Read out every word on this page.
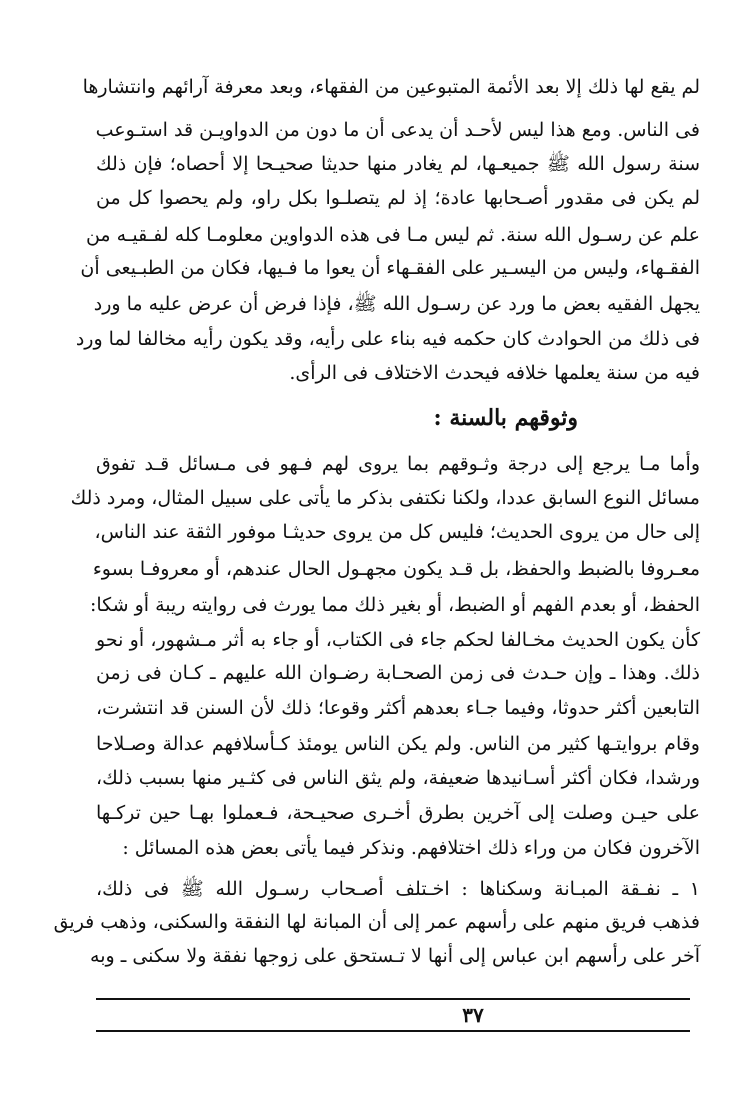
لم يقع لها ذلك إلا بعد الأئمة المتبوعين من الفقهاء، وبعد معرفة آرائهم وانتشارها
فى الناس. ومع هذا ليس لأحـد أن يدعى أن ما دون من الدواويـن قد استـوعب
سنة رسول الله ﷺ جميعـها، لم يغادر منها حديثا صحيـحا إلا أحصاه؛ فإن ذلك
لم يكن فى مقدور أصـحابها عادة؛ إذ لم يتصلـوا بكل راو، ولم يحصوا كل من
علم عن رسـول الله سنة. ثم ليس مـا فى هذه الدواوين معلومـا كله لفـقيـه من
الفقـهاء، وليس من اليسـير على الفقـهاء أن يعوا ما فـيها، فكان من الطبـيعى أن
يجهل الفقيه بعض ما ورد عن رسـول الله ﷺ، فإذا فرض أن عرض عليه ما ورد
فى ذلك من الحوادث كان حكمه فيه بناء على رأيه، وقد يكون رأيه مخالفا لما ورد
فيه من سنة يعلمها خلافه فيحدث الاختلاف فى الرأى.
وثوقهم بالسنة :
وأما مـا يرجع إلى درجة وثـوقهم بما يروى لهم فـهو فى مـسائل قـد تفوق
مسائل النوع السابق عددا، ولكنا نكتفى بذكر ما يأتى على سبيل المثال، ومرد ذلك
إلى حال من يروى الحديث؛ فليس كل من يروى حديثـا موفور الثقة عند الناس،
معـروفا بالضبط والحفظ، بل قـد يكون مجهـول الحال عندهم، أو معروفـا بسوء
الحفظ، أو بعدم الفهم أو الضبط، أو بغير ذلك مما يورث فى روايته ريبة أو شكا:
كأن يكون الحديث مخـالفا لحكم جاء فى الكتاب، أو جاء به أثر مـشهور، أو نحو
ذلك. وهذا ـ وإن حـدث فى زمن الصحـابة رضـوان الله عليهم ـ كـان فى زمن
التابعين أكثر حدوثا، وفيما جـاء بعدهم أكثر وقوعا؛ ذلك لأن السنن قد انتشرت،
وقام بروايتـها كثير من الناس. ولم يكن الناس يومئذ كـأسلافهم عدالة وصـلاحا
ورشدا، فكان أكثر أسـانيدها ضعيفة، ولم يثق الناس فى كثـير منها بسبب ذلك،
على حيـن وصلت إلى آخرين بطرق أخـرى صحيـحة، فـعملوا بهـا حين تركـها
الآخرون فكان من وراء ذلك اختلافهم. ونذكر فيما يأتى بعض هذه المسائل :
١ ـ نفـقة المبـانة وسكناها : اخـتلف أصـحاب رسـول الله ﷺ فى ذلك،
فذهب فريق منهم على رأسهم عمر إلى أن المبانة لها النفقة والسكنى، وذهب فريق
آخر على رأسهم ابن عباس إلى أنها لا تـستحق على زوجها نفقة ولا سكنى ـ وبه
٣٧
